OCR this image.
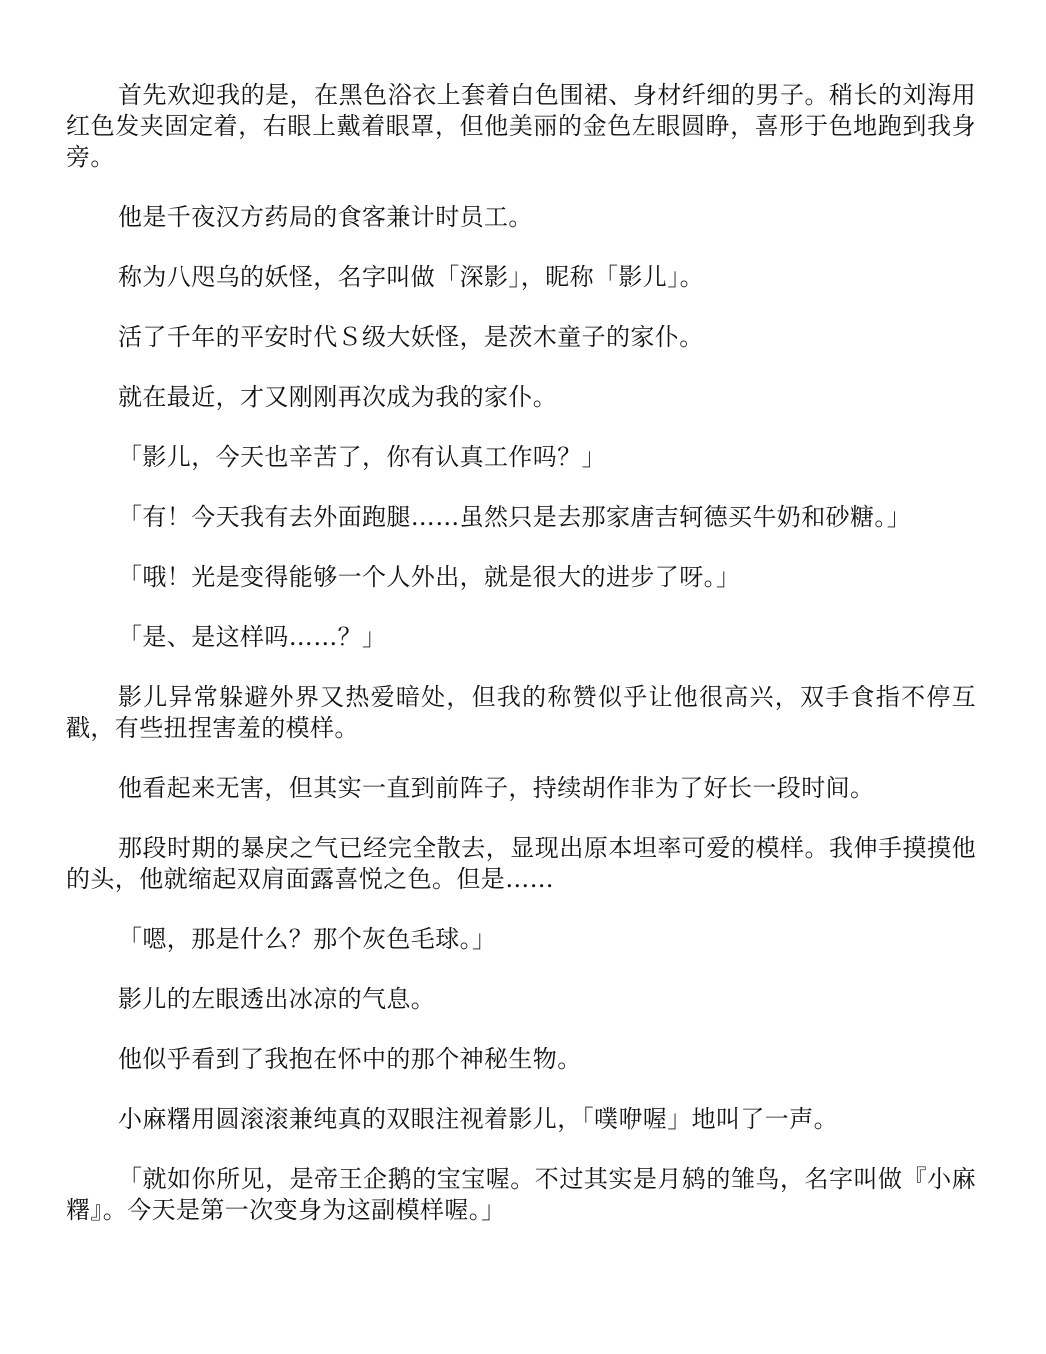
首先欢迎我的是，在黑色浴衣上套着白色围裙、身材纤细的男子。稍长的刘海用红色发夹固定着，右眼上戴着眼罩，但他美丽的金色左眼圆睁，喜形于色地跑到我身旁。

他是千夜汉方药局的食客兼计时员工。

称为八咫乌的妖怪，名字叫做「深影」，昵称「影儿」。

活了千年的平安时代Ｓ级大妖怪，是茨木童子的家仆。

就在最近，才又刚刚再次成为我的家仆。

「影儿，今天也辛苦了，你有认真工作吗？」

「有！今天我有去外面跑腿……虽然只是去那家唐吉轲德买牛奶和砂糖。」

「哦！光是变得能够一个人外出，就是很大的进步了呀。」

「是、是这样吗……？」

影儿异常躲避外界又热爱暗处，但我的称赞似乎让他很高兴，双手食指不停互戳，有些扭捏害羞的模样。

他看起来无害，但其实一直到前阵子，持续胡作非为了好长一段时间。

那段时期的暴戾之气已经完全散去，显现出原本坦率可爱的模样。我伸手摸摸他的头，他就缩起双肩面露喜悦之色。但是……

「嗯，那是什么？那个灰色毛球。」

影儿的左眼透出冰凉的气息。

他似乎看到了我抱在怀中的那个神秘生物。

小麻糬用圆滚滚兼纯真的双眼注视着影儿，「噗咿喔」地叫了一声。

「就如你所见，是帝王企鹅的宝宝喔。不过其实是月鸫的雏鸟，名字叫做『小麻糬』。今天是第一次变身为这副模样喔。」
